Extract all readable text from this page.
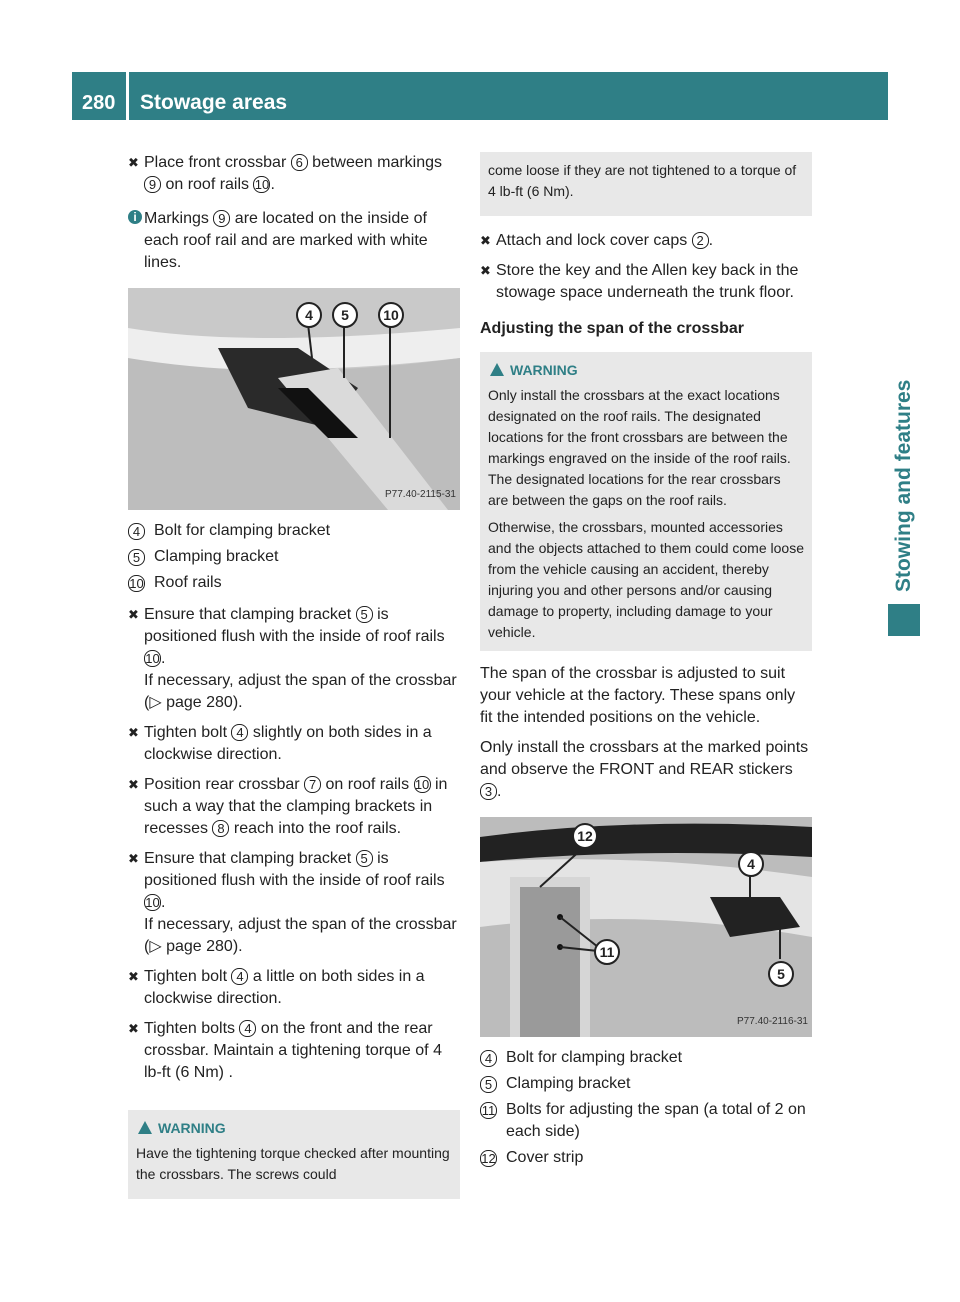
280	Stowage areas
Stowing and features
✖ Place front crossbar 6 between markings 9 on roof rails 10.
i Markings 9 are located on the inside of each roof rail and are marked with white lines.
4	5	10
P77.40-2115-31
4 Bolt for clamping bracket
5 Clamping bracket
10 Roof rails
✖ Ensure that clamping bracket 5 is positioned flush with the inside of roof rails 10.
If necessary, adjust the span of the crossbar (▷ page 280).
✖ Tighten bolt 4 slightly on both sides in a clockwise direction.
✖ Position rear crossbar 7 on roof rails 10 in such a way that the clamping brackets in recesses 8 reach into the roof rails.
✖ Ensure that clamping bracket 5 is positioned flush with the inside of roof rails 10.
If necessary, adjust the span of the crossbar (▷ page 280).
✖ Tighten bolt 4 a little on both sides in a clockwise direction.
✖ Tighten bolts 4 on the front and the rear crossbar. Maintain a tightening torque of 4 lb-ft (6 Nm) .
WARNING

Have the tightening torque checked after mounting the crossbars. The screws could

come loose if they are not tightened to a torque of 4 lb-ft (6 Nm).

✖ Attach and lock cover caps 2 .
✖ Store the key and the Allen key back in the stowage space underneath the trunk floor.
Adjusting the span of the crossbar
WARNING

Only install the crossbars at the exact locations designated on the roof rails. The designated locations for the front crossbars are between the markings engraved on the inside of the roof rails. The designated locations for the rear crossbars are between the gaps on the roof rails.

Otherwise, the crossbars, mounted accessories and the objects attached to them could come loose from the vehicle causing an accident, thereby injuring you and other persons and/or causing damage to property, including damage to your vehicle.

The span of the crossbar is adjusted to suit your vehicle at the factory. These spans only fit the intended positions on the vehicle.

Only install the crossbars at the marked points and observe the FRONT and REAR stickers 3 .

12
4
11
5
P77.40-2116-31
4 Bolt for clamping bracket
5 Clamping bracket
11 Bolts for adjusting the span (a total of 2 on each side)
12 Cover strip
